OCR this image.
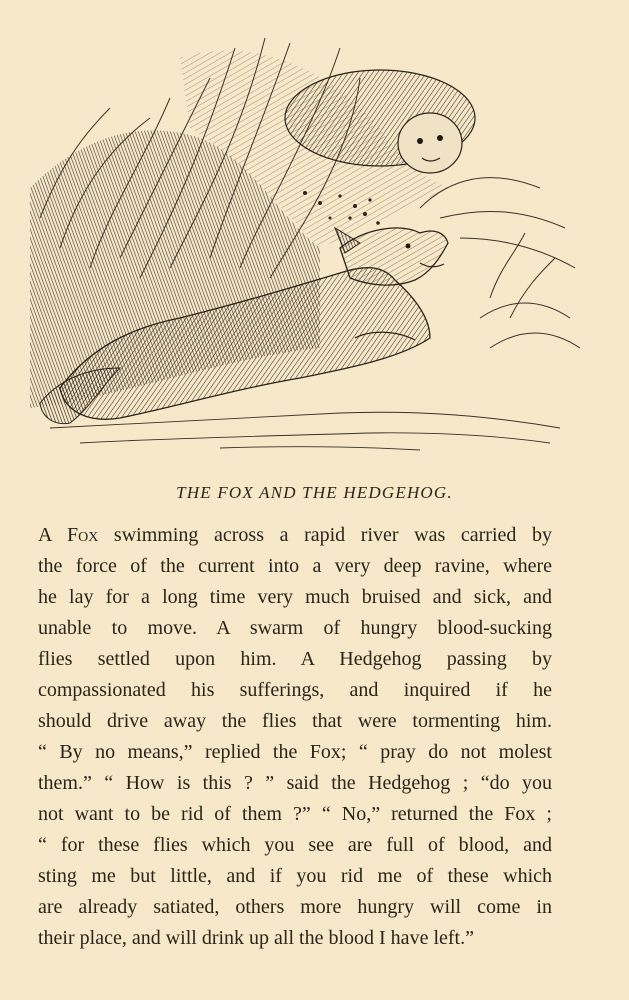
THE FOX AND THE HEDGEHOG.
A Fox swimming across a rapid river was carried by
the force of the current into a very deep ravine, where
he lay for a long time very much bruised and sick, and
unable to move. A swarm of hungry blood-sucking
flies settled upon him. A Hedgehog passing by
compassionated his sufferings, and inquired if he
should drive away the flies that were tormenting him.
“ By no means,” replied the Fox; “ pray do not molest
them.” “ How is this ? ” said the Hedgehog ; “do you
not want to be rid of them ?” “ No,” returned the Fox ;
“ for these flies which you see are full of blood, and
sting me but little, and if you rid me of these which
are already satiated, others more hungry will come in
their place, and will drink up all the blood I have left.”
